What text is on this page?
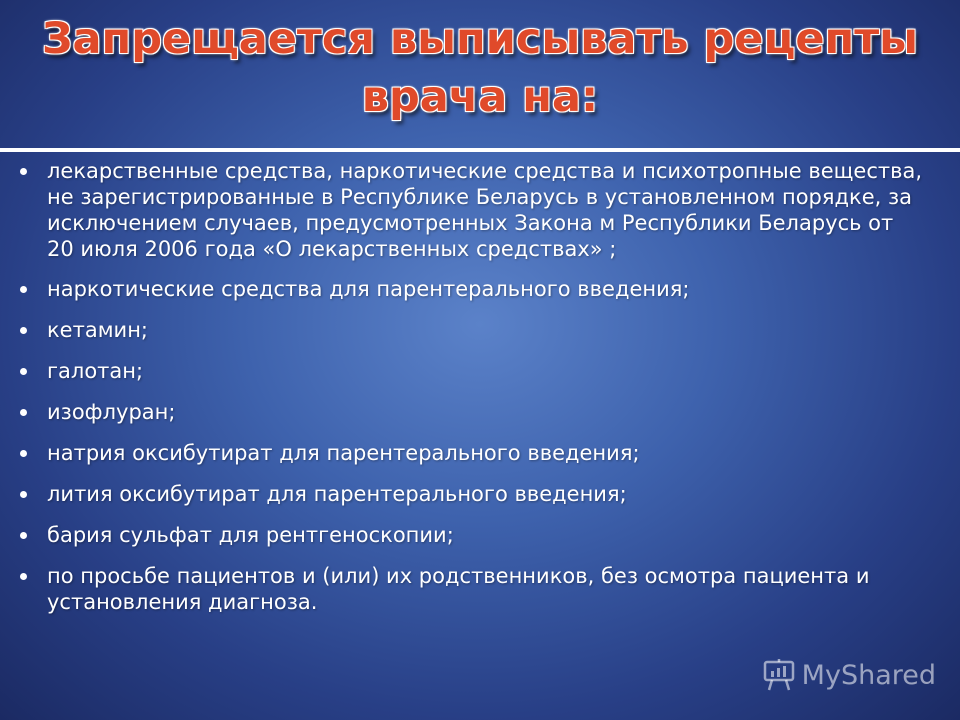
Запрещается выписывать рецепты
врача на:
лекарственные средства, наркотические средства и психотропные вещества, не зарегистрированные в Республике Беларусь в установленном порядке, за исключением случаев, предусмотренных Закона м Республики Беларусь от 20 июля 2006 года «О лекарственных средствах» ;
наркотические средства для парентерального введения;
кетамин;
галотан;
изофлуран;
натрия оксибутират для парентерального введения;
лития оксибутират для парентерального введения;
бария сульфат для рентгеноскопии;
по просьбе пациентов и (или) их родственников, без осмотра пациента и установления диагноза.
MyShared
